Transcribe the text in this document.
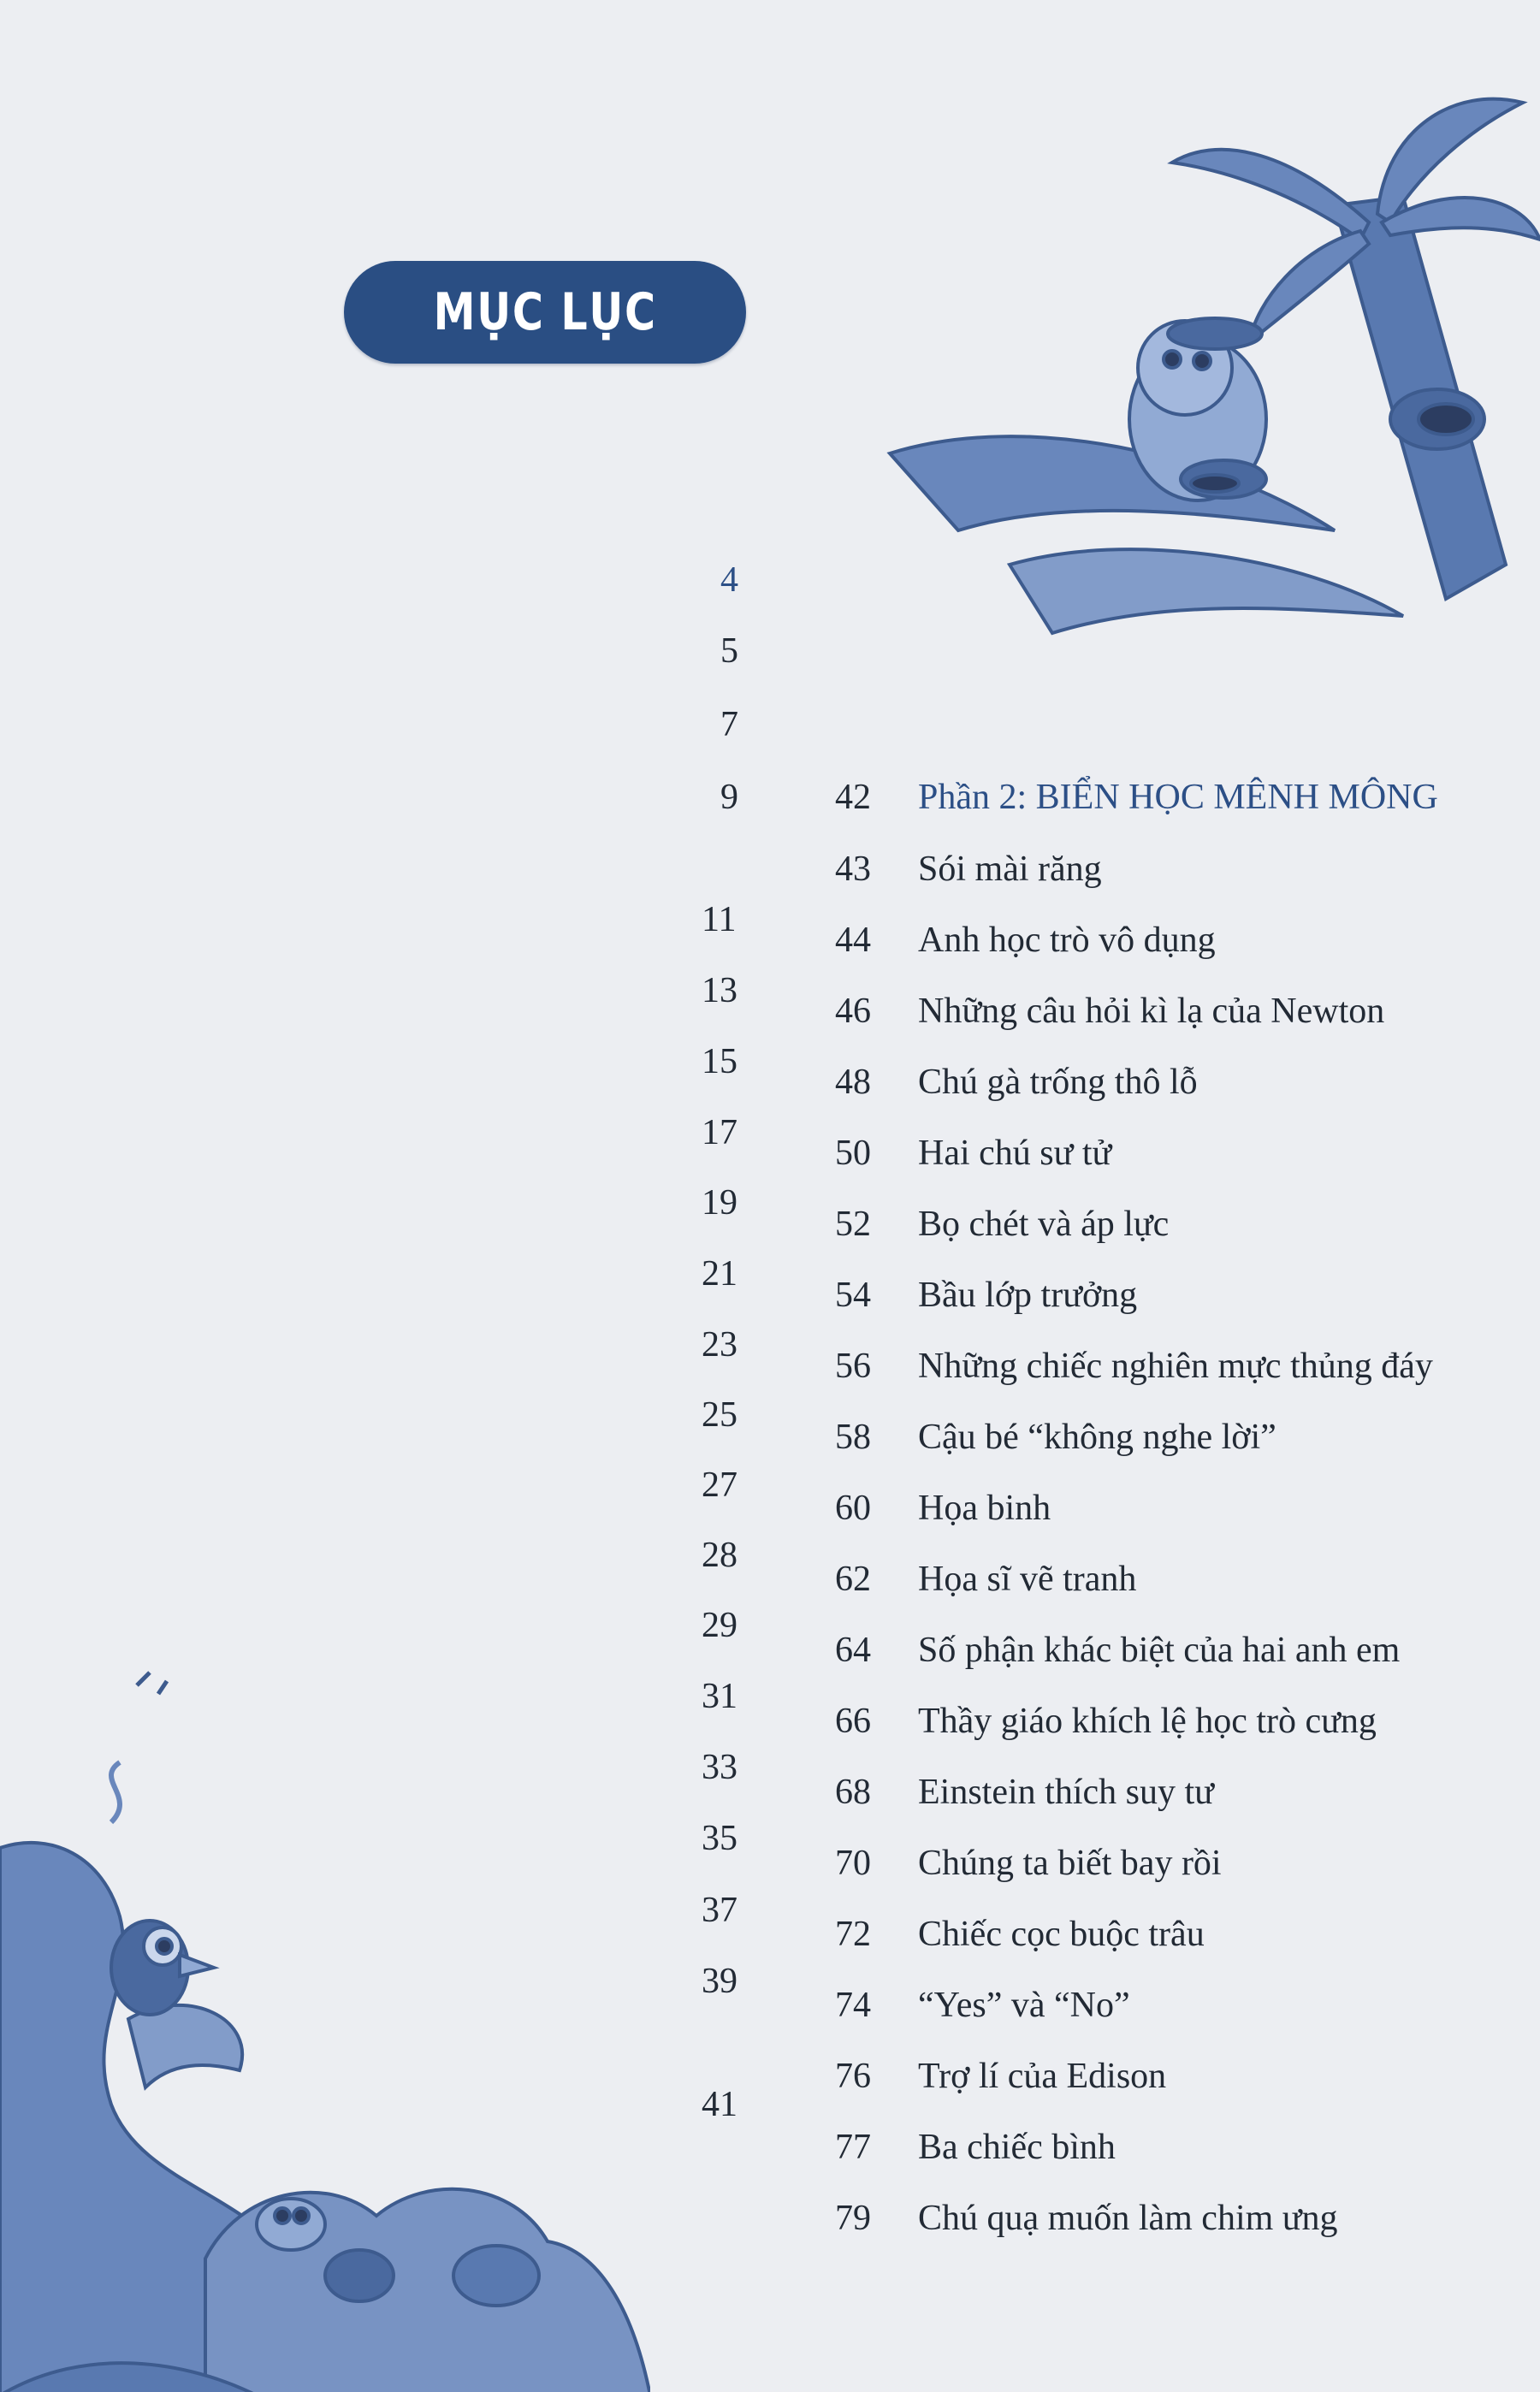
MỤC LỤC
4
5
7
9
11
13
15
17
19
21
23
25
27
28
29
31
33
35
37
39
41
42	Phần 2: BIỂN HỌC MÊNH MÔNG
43	Sói mài răng
44	Anh học trò vô dụng
46	Những câu hỏi kì lạ của Newton
48	Chú gà trống thô lỗ
50	Hai chú sư tử
52	Bọ chét và áp lực
54	Bầu lớp trưởng
56	Những chiếc nghiên mực thủng đáy
58	Cậu bé “không nghe lời”
60	Họa binh
62	Họa sĩ vẽ tranh
64	Số phận khác biệt của hai anh em
66	Thầy giáo khích lệ học trò cưng
68	Einstein thích suy tư
70	Chúng ta biết bay rồi
72	Chiếc cọc buộc trâu
74	“Yes” và “No”
76	Trợ lí của Edison
77	Ba chiếc bình
79	Chú quạ muốn làm chim ưng
